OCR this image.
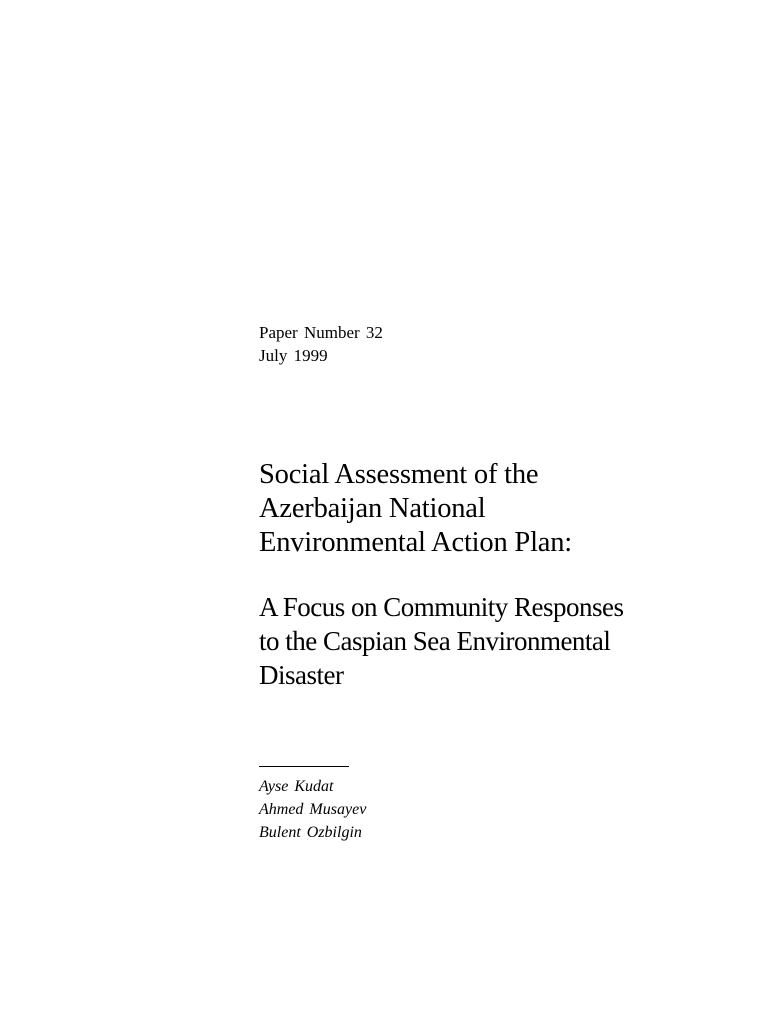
Paper Number 32
July 1999
Social Assessment of the
Azerbaijan National
Environmental Action Plan:
A Focus on Community Responses
to the Caspian Sea Environmental
Disaster
Ayse Kudat
Ahmed Musayev
Bulent Ozbilgin
